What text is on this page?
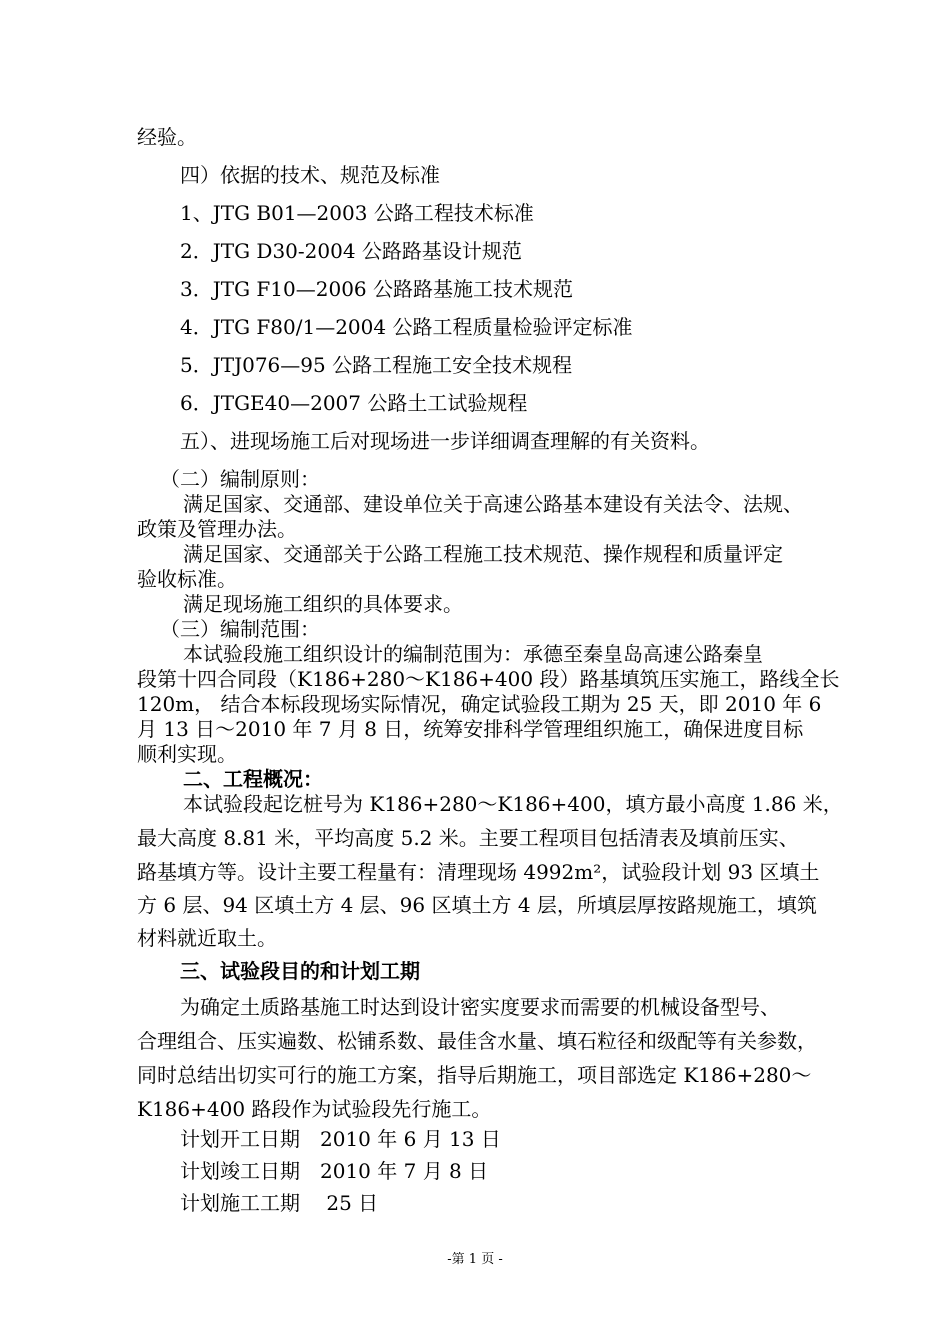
经验。
四）依据的技术、规范及标准
1、JTG B01—2003 公路工程技术标准
2．JTG D30-2004 公路路基设计规范
3．JTG F10—2006 公路路基施工技术规范
4．JTG F80/1—2004 公路工程质量检验评定标准
5．JTJ076—95 公路工程施工安全技术规程
6．JTGE40—2007 公路土工试验规程
五）、进现场施工后对现场进一步详细调查理解的有关资料。
（二）编制原则：
满足国家、交通部、建设单位关于高速公路基本建设有关法令、法规、
政策及管理办法。
满足国家、交通部关于公路工程施工技术规范、操作规程和质量评定
验收标准。
满足现场施工组织的具体要求。
（三）编制范围：
本试验段施工组织设计的编制范围为：承德至秦皇岛高速公路秦皇
段第十四合同段（K186+280～K186+400 段）路基填筑压实施工，路线全长
120m， 结合本标段现场实际情况，确定试验段工期为 25 天，即 2010 年 6
月 13 日～2010 年 7 月 8 日，统筹安排科学管理组织施工，确保进度目标
顺利实现。
二、工程概况：
本试验段起讫桩号为 K186+280～K186+400，填方最小高度 1.86 米，
最大高度 8.81 米，平均高度 5.2 米。主要工程项目包括清表及填前压实、
路基填方等。设计主要工程量有：清理现场 4992m²，试验段计划 93 区填土
方 6 层、94 区填土方 4 层、96 区填土方 4 层，所填层厚按路规施工，填筑
材料就近取土。
三、试验段目的和计划工期
为确定土质路基施工时达到设计密实度要求而需要的机械设备型号、
合理组合、压实遍数、松铺系数、最佳含水量、填石粒径和级配等有关参数，
同时总结出切实可行的施工方案，指导后期施工，项目部选定 K186+280～
K186+400 路段作为试验段先行施工。
计划开工日期　2010 年 6 月 13 日
计划竣工日期　2010 年 7 月 8 日
计划施工工期　 25 日
-第 1 页 -
